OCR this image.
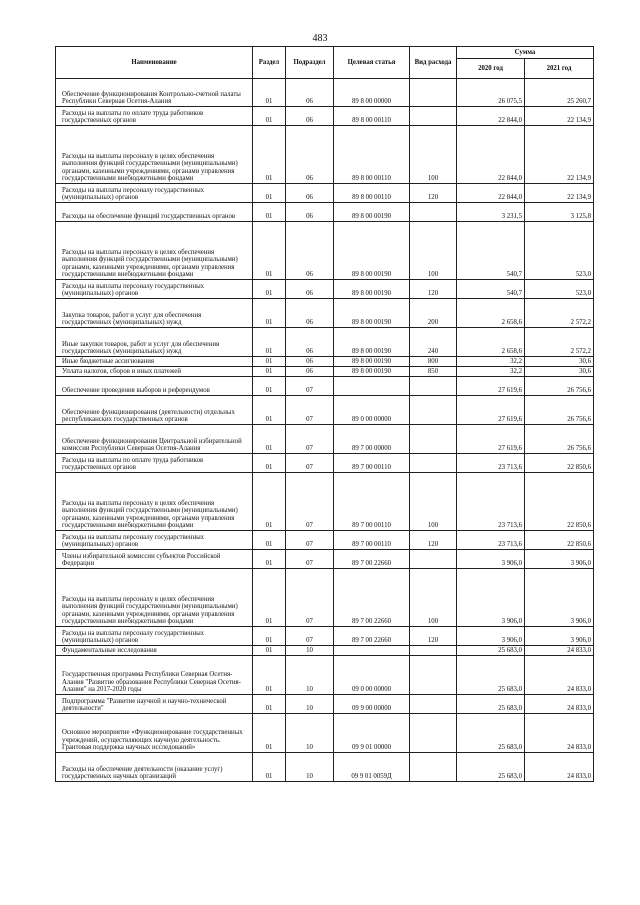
483
Наименование	Раздел	Подраздел	Целевая статья	Вид расхода	Сумма	
					2020 год	2021 год
Обеспечение функционирования Контрольно-счетной палаты Республики Северная Осетия-Алания	01	06	89 8 00 00000		26 075,5	25 260,7
Расходы на выплаты по оплате труда работников государственных органов	01	06	89 8 00 00110		22 844,0	22 134,9
Расходы на выплаты персоналу в целях обеспечения выполнения функций государственными (муниципальными) органами, казенными учреждениями, органами управления государственными внебюджетными фондами	01	06	89 8 00 00110	100	22 844,0	22 134,9
Расходы на выплаты персоналу государственных (муниципальных) органов	01	06	89 8 00 00110	120	22 844,0	22 134,9
Расходы на обеспечение функций государственных органов	01	06	89 8 00 00190		3 231,5	3 125,8
Расходы на выплаты персоналу в целях обеспечения выполнения функций государственными (муниципальными) органами, казенными учреждениями, органами управления государственными внебюджетными фондами	01	06	89 8 00 00190	100	540,7	523,0
Расходы на выплаты персоналу государственных (муниципальных) органов	01	06	89 8 00 00190	120	540,7	523,0
Закупка товаров, работ и услуг для обеспечения государственных (муниципальных) нужд	01	06	89 8 00 00190	200	2 658,6	2 572,2
Иные закупки товаров, работ и услуг для обеспечения государственных (муниципальных) нужд	01	06	89 8 00 00190	240	2 658,6	2 572,2
Иные бюджетные ассигнования	01	06	89 8 00 00190	800	32,2	30,6
Уплата налогов, сборов и иных платежей	01	06	89 8 00 00190	850	32,2	30,6
Обеспечение проведения выборов и референдумов	01	07			27 619,6	26 756,6
Обеспечение функционирования (деятельности) отдельных республиканских государственных органов	01	07	89 0 00 00000		27 619,6	26 756,6
Обеспечение функционирования Центральной избирательной комиссии Республики Северная Осетия-Алания	01	07	89 7 00 00000		27 619,6	26 756,6
Расходы на выплаты по оплате труда работников государственных органов	01	07	89 7 00 00110		23 713,6	22 850,6
Расходы на выплаты персоналу в целях обеспечения выполнения функций государственными (муниципальными) органами, казенными учреждениями, органами управления государственными внебюджетными фондами	01	07	89 7 00 00110	100	23 713,6	22 850,6
Расходы на выплаты персоналу государственных (муниципальных) органов	01	07	89 7 00 00110	120	23 713,6	22 850,6
Члены избирательной комиссии субъектов Российской Федерации	01	07	89 7 00 22660		3 906,0	3 906,0
Расходы на выплаты персоналу в целях обеспечения выполнения функций государственными (муниципальными) органами, казенными учреждениями, органами управления государственными внебюджетными фондами	01	07	89 7 00 22660	100	3 906,0	3 906,0
Расходы на выплаты персоналу государственных (муниципальных) органов	01	07	89 7 00 22660	120	3 906,0	3 906,0
Фундаментальные исследования	01	10			25 683,0	24 833,0
Государственная программа Республики Северная Осетия-Алания "Развитие образования Республики Северная Осетия-Алания" на 2017-2020 годы	01	10	09 0 00 00000		25 683,0	24 833,0
Подпрограмма "Развитие научной и научно-технической деятельности"	01	10	09 9 00 00000		25 683,0	24 833,0
Основное мероприятие «Функционирование государственных учреждений, осуществляющих научную деятельность. Грантовая поддержка научных исследований»	01	10	09 9 01 00000		25 683,0	24 833,0
Расходы на обеспечение деятельности (оказание услуг) государственных научных организаций	01	10	09 9 01 0059Д		25 683,0	24 833,0
